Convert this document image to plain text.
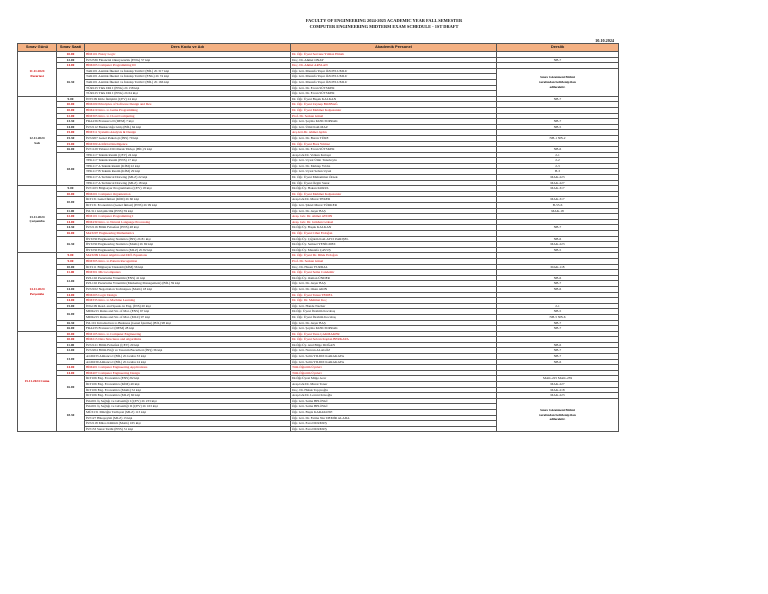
FACULTY OF ENGINEERING 2024-2025 ACADEMIC YEAR FALL SEMESTER
COMPUTER ENGINEERING MIDTERM EXAM SCHEDULE - 1ST DRAFT
10.10.2024
Sınav Günü	Sınav Saati	Ders Kodu ve Adı	Akademik Personel	Derslik
11.11.2024
Pazartesi	10.00	BİM101 Fuzzy Logic	Dr. Öğr. Üyesi Servane Yılmaz Elmalı	
	12.00	İST2336 Financial Okuryazarlık (ENG) 57 kişi	Doç. Dr. Ahmet ONAY	NB-7
	14.00	BİM203 Computer Programming III	Doç. Dr. Ahmet ARSLAN	
	16.30	TAR101 Atatürk İlkeleri ve İnkılap Tarihi I (BİL) 2b 317 kişi	Öğr. Gör. Mustafa Yaşar ÖZOYLUMLU	Sınav Gözetmeni Birimi
tarafından belirlenip ilan
edilecektir.
		TAR101 Atatürk İlkeleri ve İnkılap Tarihi I (ENG) 2b 74 kişi	Öğr. Gör. Mustafa Yaşar ÖZOYLUMLU	
		TAR101 Atatürk İlkeleri ve İnkılap Tarihi I (BİL) 2b 166 kişi	Öğr. Gör. Mustafa Yaşar ÖZOYLUMLU	
		TÜR125 Türk Dili I (ENG) 2b 158 kişi	Öğr. Gör. Dr. Ercan SÜTSKER	
		TÜR125 Türk Dili I (ENG) 2b 64 kişi	Öğr. Gör. Dr. Ercan SÜTSKER	
12.11.2024
Salı	9.00	İNV109 Kitle İletişimi (ÇEV) 24 kişi	Dr. Öğr. Üyesi Başak KALKAN	NB-7
	10.00	BİM209 Principles of Software Design and Dev.	Dr. Öğr. Üyesi Zeynep BOZBAĞ	
	10.00	BİM419 Intro. to Game Programming	Dr. Öğr. Üyesi Mehmet Kalpazanlar	
	12.00	BİM303 Intro. to Cloud Computing	Prof. Dr. Serkan Günal	
	13.30	FRA236 Fransızca II (DEM) 7 kişi	Öğr. Gör. Şeyma KIZILTOPRAK	NB-7
	14.00	İST2112 Bankacılığa Giriş (BİL) 64 kişi	Öğr. Gör. Ümit KALMAZ	NB-5
	15.00	BİM311 Systems Analysis & Design	Arş.Gör.Dr. Ahmet Aydın	
	15.30	İST2207 Genel Psikoloji (İNS) 79 kişi	Öğr. Gör. Dr. Burcu TÜRE	NB-1 NB-2
	15.00	BİM309 Artificial Intelligence	Dr. Öğr. Üyesi Bora Yılmaz	
	16.00	İST1129 Yabancı Dil Olarak Türkçe (BİL) 9 kişi	Öğr. Gör. Dr. Ercan SÜTSKER	NB-6
	18.00	TEK117 Teknik Resim (ÇEV) 24 kişi	Araş.Gör.Dr. Volkan Kırtaşır	2-1
		TEK117 Teknik Resim (ENS) 17 kişi	Öğr. Gör. Uysal Ümit Tunaboylu	2-2
		TEK117 A Teknik Resim (KİM) 22 kişi	Öğr. Gör. Dr. Mehtap Yıldız	2-3
		TEK117 B Teknik Resim (KİM) 29 kişi	Öğr. Gör. Uysal Seban Uysal	B-3
		TEK117 A Technical Drawing (MLZ) 22 kişi	Dr. Öğr. Üyesi Muhammet Örnek	MAK-223
		TEK117 A Technical Drawing (MLZ) 18 kişi	Dr. Öğr. Üyesi Özgür Sanar	MAK-227
13.11.2024
Çarşamba	9.00	İST1103 Bilgisayar Programlama (ÇEV) 18 kişi	Dr.Öğr.Üy. Hakan KORUL	MAK-317
	10.00	BİM201 Computer Organization	Dr. Öğr. Üyesi Mehmet Kalpazanlar	
	10.00	İKT131 Genel İktisat (KİM) 2b 60 kişi	Araş.Gör.Dr. Murat TEKER	MAK-317
		İKT131 Economics (Genel İktisat) (ENS) 2b 99 kişi	Öğr. Gör. Şiktel Murat TÜRKER	B-53-6
	11.00	İSL311 Girişimcilik (ENS) 59 kişi	Öğr. Gör. Dr. Avşar BAŞ	MAK-18
	12.00	BİM101 Computer Programming I	Araş. Gör. Dr. Ahmet AYDIN	
	14.00	BİM439 Intro. to Natural Language Processing	Araş. Gör. Dr. Gökhan Göksel	
	14.30	İST2116 Bilim Felsefesi (ENS) 48 kişi	Dr.Öğr.Üy. Başak KALKAN	NB-7
	16.00	MAT207 Engineering Mathematics	Dr. Öğr. Üyesi Cihat Erdoğan	
	16.30	İİST230 Engineering Statistics (İNS) 2b 81 kişi	Dr.Öğr.Üy. Çiğdem KALAYCI PARIŞEL	NB-6
		İİST230 Engineering Statistics (MAK) 2b 69 kişi	Dr.Öğr.Üy. Semsel YENİLMEZ	MAK-223
		İİST230 Engineering Statistics (MLZ) 2b 82 kişi	Dr.Öğr.Üy. Mustafa ÇAVUŞ	NB-5
14.11.2024
Perşembe	9.00	MAT209 Linear Algebra and Diff. Equations	Dr. Öğr. Üyesi Dr. Dilek Erdoğan	
	9.00	BİM305 Intro. to Pattern Recognition	Prof. Dr. Serkan Günal	
	10.00	İKT211 Bilgisayar Destekli (KİM) 56 kişi	Doç. Dr. Hasan YURDAL	MAK-118
	11.00	BİM301 Microcomputers	Dr. Öğr. Üyesi Sema Candemir	
	12.00	PZL102 Pazarlama Yönetimi (ENS) 41 kişi	Dr.Öğr.Üy. Osman ÜNDER	NB-6
		PZL102 Pazarlama Yönetimi (Marketing Management) (BİL) 39 kişi	Öğr. Gör. Dr. Avşar BAŞ	NB-7
	14.00	İST2102 Negotiation Techniques (MAK) 18 kişi	Öğr. Gör. Dr. Okan AKIN	NB-6
	14.00	BİM203 Logic Design	Dr. Öğr. Üyesi Tansu TEMEL	
	14.00	BİM333 Intro. to Machine Learning	Dr. Öğr. Dr. Mehmet Koç	
	15.00	İNG109 Read. and Speak. in Eng. (İNS) 20 kişi	Öğr. Gör. Hande Nazlıar	2-1
	16.00	MDK215 Rules and Str. of Mat. (ENS) 67 kişi	Dr.Öğr. Üyesi İbrahim Kocabaş	NB-5
		MDK215 Rules and Str. of Mat. (MLZ) 97 kişi	Dr. Öğr. Üyesi İbrahim Kocabaş	NB-5 NB-6
	16.30	İSL101 Introduction to Business (Genel İşletme) (BİL) 98 kişi	Öğr. Gör. Dr. Avşar BAŞ	NB-7
	16.00	FRA235 Fransızca I (DEM) 28 kişi	Öğr. Gör. Şeyma KIZILTOPRAK	NB-7
15.11.2024 Cuma	10.00	BİM105 Intro. to Computer Engineering	Dr. Öğr. Üyesi Tuna ÇAKMAKER	
	10.00	BİM213 Data Structures and Algorithms	Dr. Öğr. Üyesi Selcan Kaplan BERKAYA	
	11.00	İST2121 Bilim Felsefesi (ÇEV) 29 kişi	Dr.Öğr.Üy. Anıl Bilge DOĞAN	NB-6
	12.00	İST2204 Bilim Etiği ve Tasarım Becerileri (İNŞ) 36 kişi	Öğr. Gör. Nurcan ALAGÖZ	NB-7
	13.00	ALM233 Almanca I (BİL) 2b Grubu 33 kişi	Öğr. Gör. Selin YILDIZ KARAKAYA	NB-7
		ALM239 Almanca I (BİL) 2b Grubu 24 kişi	Öğr. Gör. Selin YILDIZ KARAKAYA	NB-6
	14.00	BİM401 Computer Engineering Applications	Tüm Öğretim Üyeleri	
	14.00	BİM407 Computer Engineering Design	Tüm Öğretim Üyeleri	
	16.00	İKT106 Eng. Economics (ENS) 82 kişi	Dr.Öğr.Üyesi Müge Acar	MAK-225 MAK-239
		İKT106 Eng. Economics (KİM) 49 kişi	Araş.Gör.Dr. Murat Toner	MAK-227
		İKT106 Eng. Economics (MAK) 52 kişi	Doç. Dr. Haluk Topçuoğlu	MAK-218
		İKT106 Eng. Economics (MLZ) 60 kişi	Araş.Gör.Dr. Levent Kösoğlu	MAK-223
	18.30	İSG001 İş Sağlığı ve Güvenliği I (ÇEV) 2b 233 kişi	Öğr. Gör. Sema BELİNGİ	Sınav Gözetmeni Birimi
tarafından belirlenip ilan
edilecektir.
		İSG001 İş Sağlığı ve Güvenliği II (ÇEV) 2b 163 kişi	Öğr. Gör. Sema BELİNGİ	
		MÜZ131 Müziğin Tarihçesi (MLZ) 113 kişi	Öğr. Gör. Başla KARAKOSE	
		İST127 Hikayeyim (MLZ) 13 kişi	Öğr. Gör. Dr. Fatma Nur DEMİR ALADA	
		İST2118 Mitos Kültürü (MAK) 165 kişi	Öğr. Gör. Esra DURMUŞ	
		İST133 Sanat Tarihi (ENS) 31 kişi	Öğr. Gör. Esra DURMUŞ	
